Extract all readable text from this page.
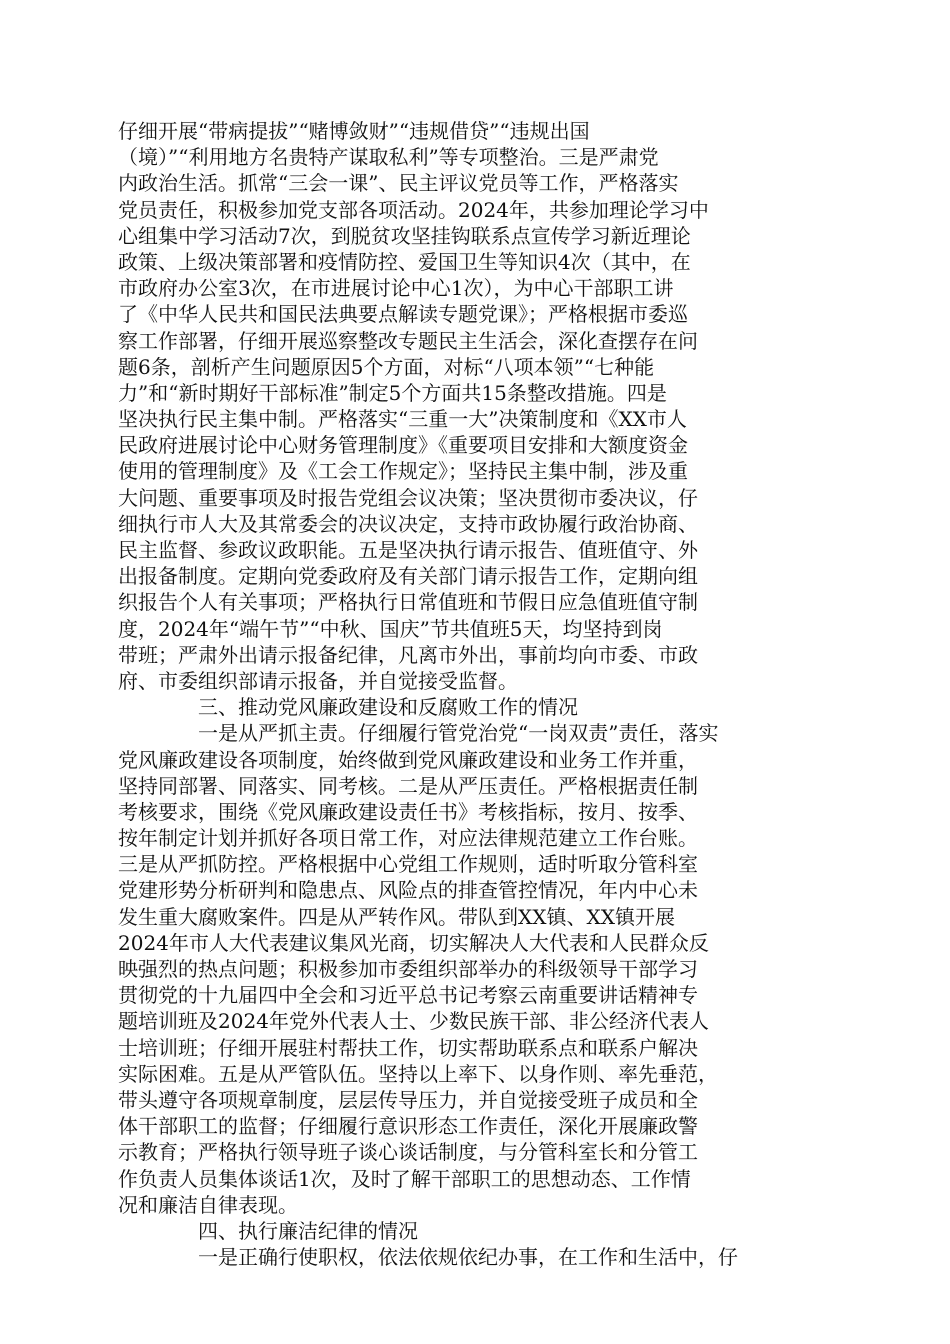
仔细开展“带病提拔”“赌博敛财”“违规借贷”“违规出国
（境）”“利用地方名贵特产谋取私利”等专项整治。三是严肃党
内政治生活。抓常“三会一课”、民主评议党员等工作，严格落实
党员责任，积极参加党支部各项活动。2024年，共参加理论学习中
心组集中学习活动7次，到脱贫攻坚挂钩联系点宣传学习新近理论
政策、上级决策部署和疫情防控、爱国卫生等知识4次（其中，在
市政府办公室3次，在市进展讨论中心1次），为中心干部职工讲
了《中华人民共和国民法典要点解读专题党课》；严格根据市委巡
察工作部署，仔细开展巡察整改专题民主生活会，深化查摆存在问
题6条，剖析产生问题原因5个方面，对标“八项本领”“七种能
力”和“新时期好干部标准”制定5个方面共15条整改措施。四是
坚决执行民主集中制。严格落实“三重一大”决策制度和《XX市人
民政府进展讨论中心财务管理制度》《重要项目安排和大额度资金
使用的管理制度》及《工会工作规定》；坚持民主集中制，涉及重
大问题、重要事项及时报告党组会议决策；坚决贯彻市委决议，仔
细执行市人大及其常委会的决议决定，支持市政协履行政治协商、
民主监督、参政议政职能。五是坚决执行请示报告、值班值守、外
出报备制度。定期向党委政府及有关部门请示报告工作，定期向组
织报告个人有关事项；严格执行日常值班和节假日应急值班值守制
度，2024年“端午节”“中秋、国庆”节共值班5天，均坚持到岗
带班；严肃外出请示报备纪律，凡离市外出，事前均向市委、市政
府、市委组织部请示报备，并自觉接受监督。
三、推动党风廉政建设和反腐败工作的情况
一是从严抓主责。仔细履行管党治党“一岗双责”责任，落实
党风廉政建设各项制度，始终做到党风廉政建设和业务工作并重，
坚持同部署、同落实、同考核。二是从严压责任。严格根据责任制
考核要求，围绕《党风廉政建设责任书》考核指标，按月、按季、
按年制定计划并抓好各项日常工作，对应法律规范建立工作台账。
三是从严抓防控。严格根据中心党组工作规则，适时听取分管科室
党建形势分析研判和隐患点、风险点的排查管控情况，年内中心未
发生重大腐败案件。四是从严转作风。带队到XX镇、XX镇开展
2024年市人大代表建议集风光商，切实解决人大代表和人民群众反
映强烈的热点问题；积极参加市委组织部举办的科级领导干部学习
贯彻党的十九届四中全会和习近平总书记考察云南重要讲话精神专
题培训班及2024年党外代表人士、少数民族干部、非公经济代表人
士培训班；仔细开展驻村帮扶工作，切实帮助联系点和联系户解决
实际困难。五是从严管队伍。坚持以上率下、以身作则、率先垂范，
带头遵守各项规章制度，层层传导压力，并自觉接受班子成员和全
体干部职工的监督；仔细履行意识形态工作责任，深化开展廉政警
示教育；严格执行领导班子谈心谈话制度，与分管科室长和分管工
作负责人员集体谈话1次，及时了解干部职工的思想动态、工作情
况和廉洁自律表现。
四、执行廉洁纪律的情况
一是正确行使职权，依法依规依纪办事，在工作和生活中，仔
